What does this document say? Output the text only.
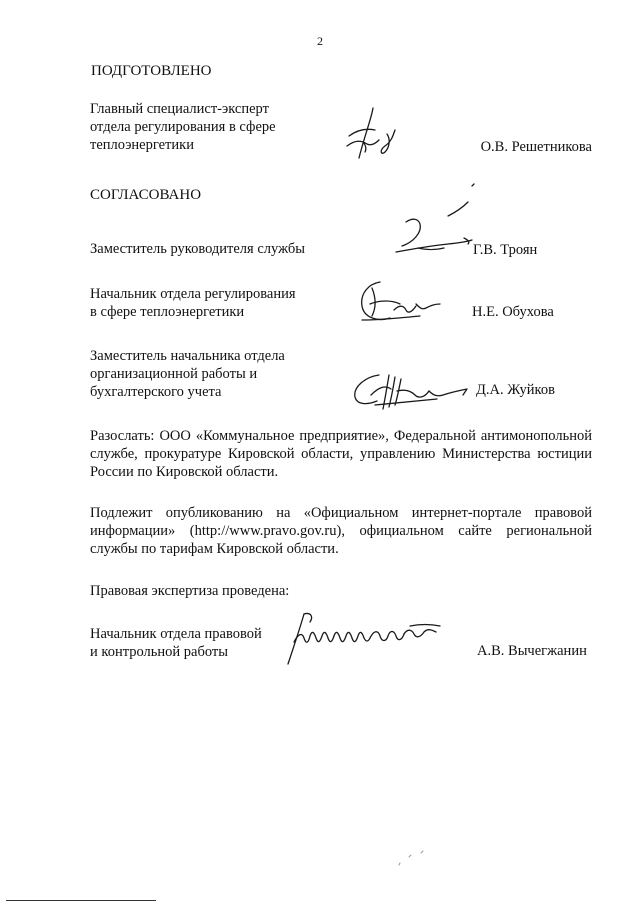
2
ПОДГОТОВЛЕНО
Главный специалист-эксперт
отдела регулирования в сфере
теплоэнергетики	О.В. Решетникова
СОГЛАСОВАНО
Заместитель руководителя службы	Г.В. Троян
Начальник отдела регулирования
в сфере теплоэнергетики	Н.Е. Обухова
Заместитель начальника отдела
организационной работы и
бухгалтерского учета	Д.А. Жуйков
Разослать: ООО «Коммунальное предприятие», Федеральной антимонопольной службе, прокуратуре Кировской области, управлению Министерства юстиции России по Кировской области.
Подлежит опубликованию на «Официальном интернет-портале правовой информации» (http://www.pravo.gov.ru), официальном сайте региональной службы по тарифам Кировской области.
Правовая экспертиза проведена:
Начальник отдела правовой
и контрольной работы	А.В. Вычегжанин
